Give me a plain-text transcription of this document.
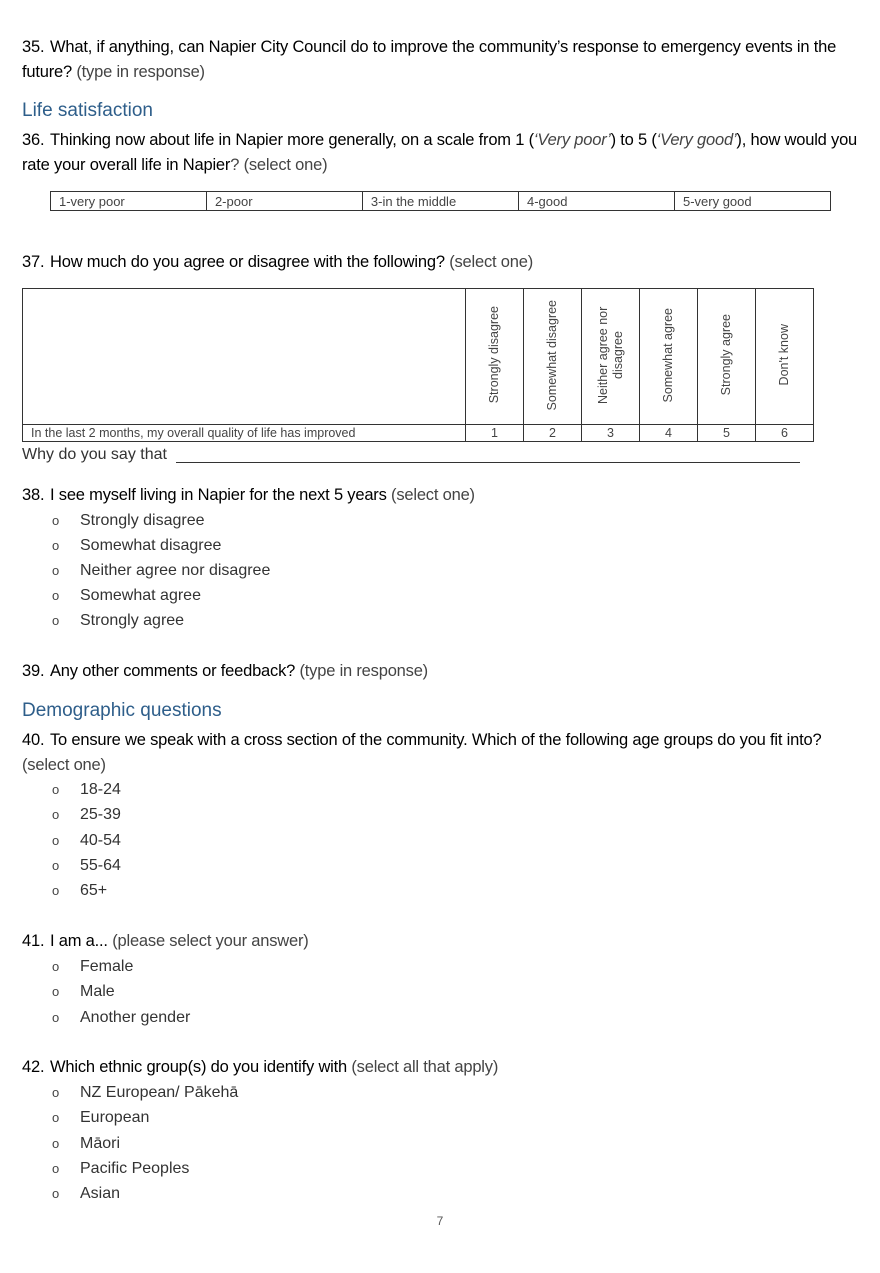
35. What, if anything, can Napier City Council do to improve the community’s response to emergency events in the future? (type in response)
Life satisfaction
36. Thinking now about life in Napier more generally, on a scale from 1 (‘Very poor’) to 5 (‘Very good’), how would you rate your overall life in Napier? (select one)
1-very poor	2-poor	3-in the middle	4-good	5-very good
37. How much do you agree or disagree with the following? (select one)
	Strongly disagree	Somewhat disagree	Neither agree nor disagree	Somewhat agree	Strongly agree	Don't know
In the last 2 months, my overall quality of life has improved	1	2	3	4	5	6
Why do you say that
38. I see myself living in Napier for the next 5 years (select one)
o Strongly disagree
o Somewhat disagree
o Neither agree nor disagree
o Somewhat agree
o Strongly agree
39. Any other comments or feedback? (type in response)
Demographic questions
40. To ensure we speak with a cross section of the community. Which of the following age groups do you fit into? (select one)
o 18-24
o 25-39
o 40-54
o 55-64
o 65+
41. I am a... (please select your answer)
o Female
o Male
o Another gender
42. Which ethnic group(s) do you identify with (select all that apply)
o NZ European/ Pākehā
o European
o Māori
o Pacific Peoples
o Asian
7
